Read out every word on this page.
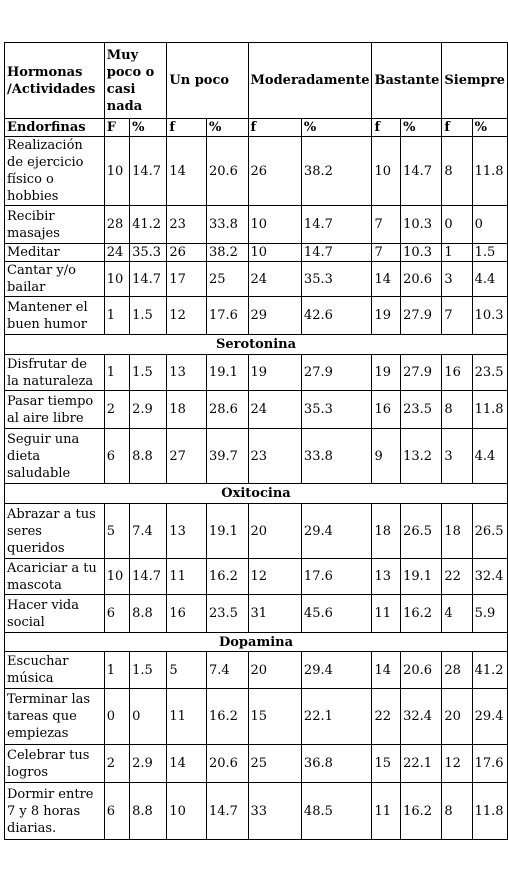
Hormonas /Actividades	Muy poco o casi nada		Un poco		Moderadamente		Bastante		Siempre	
Endorfinas	F	%	f	%	f	%	f	%	f	%
Realización de ejercicio físico o hobbies	10	14.7	14	20.6	26	38.2	10	14.7	8	11.8
Recibir masajes	28	41.2	23	33.8	10	14.7	7	10.3	0	0
Meditar	24	35.3	26	38.2	10	14.7	7	10.3	1	1.5
Cantar y/o bailar	10	14.7	17	25	24	35.3	14	20.6	3	4.4
Mantener el buen humor	1	1.5	12	17.6	29	42.6	19	27.9	7	10.3
Serotonina										
Disfrutar de la naturaleza	1	1.5	13	19.1	19	27.9	19	27.9	16	23.5
Pasar tiempo al aire libre	2	2.9	18	28.6	24	35.3	16	23.5	8	11.8
Seguir una dieta saludable	6	8.8	27	39.7	23	33.8	9	13.2	3	4.4
Oxitocina										
Abrazar a tus seres queridos	5	7.4	13	19.1	20	29.4	18	26.5	18	26.5
Acariciar a tu mascota	10	14.7	11	16.2	12	17.6	13	19.1	22	32.4
Hacer vida social	6	8.8	16	23.5	31	45.6	11	16.2	4	5.9
Dopamina										
Escuchar música	1	1.5	5	7.4	20	29.4	14	20.6	28	41.2
Terminar las tareas que empiezas	0	0	11	16.2	15	22.1	22	32.4	20	29.4
Celebrar tus logros	2	2.9	14	20.6	25	36.8	15	22.1	12	17.6
Dormir entre 7 y 8 horas diarias.	6	8.8	10	14.7	33	48.5	11	16.2	8	11.8
